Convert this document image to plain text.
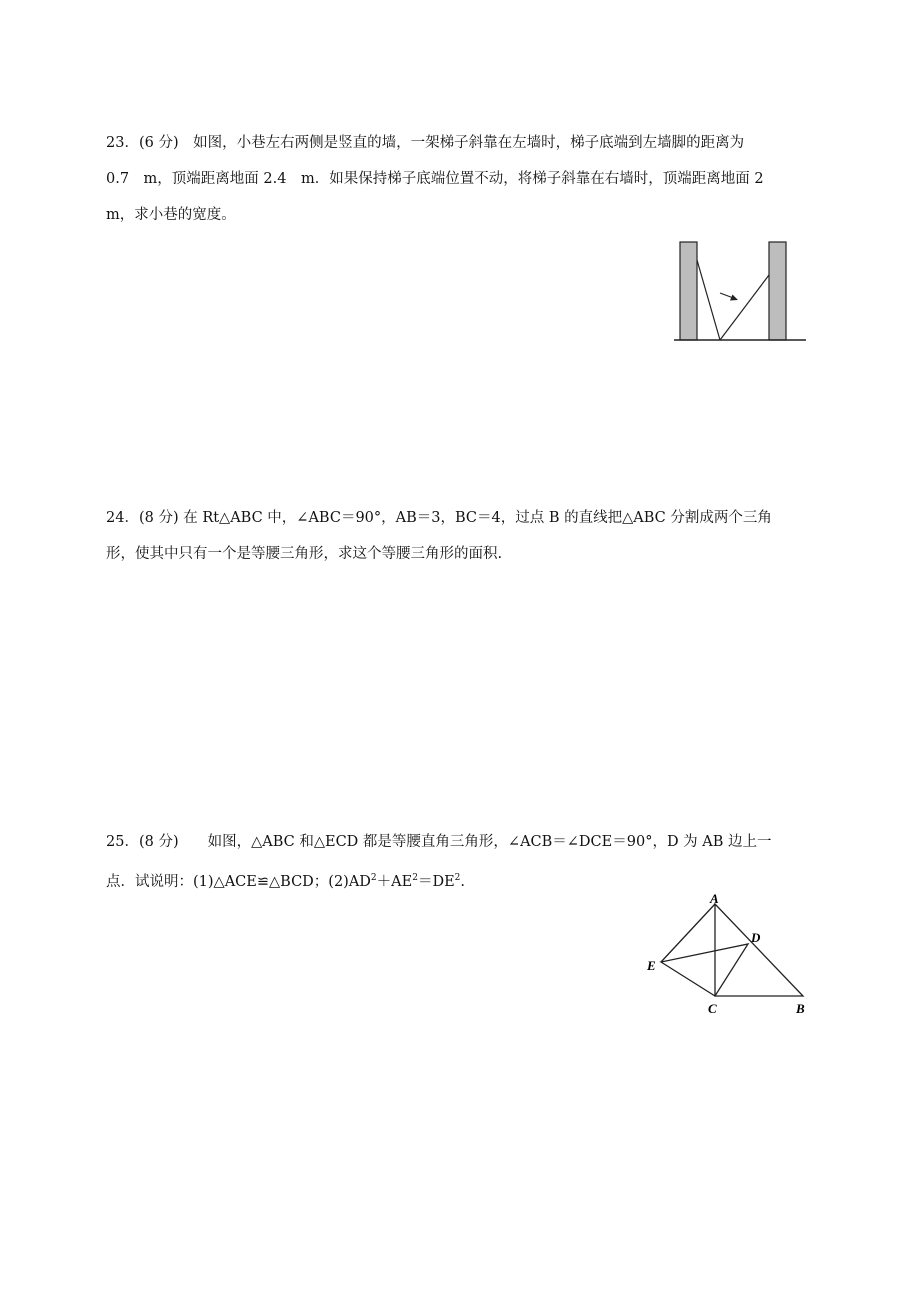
23．(6 分)　如图，小巷左右两侧是竖直的墙，一架梯子斜靠在左墙时，梯子底端到左墙脚的距离为
0.7　m，顶端距离地面 2.4　m．如果保持梯子底端位置不动，将梯子斜靠在右墙时，顶端距离地面 2
m，求小巷的宽度。
24．(8 分) 在 Rt△ABC 中，∠ABC＝90°，AB＝3，BC＝4，过点 B 的直线把△ABC 分割成两个三角
形，使其中只有一个是等腰三角形，求这个等腰三角形的面积.
25．(8 分)　　如图，△ABC 和△ECD 都是等腰直角三角形，∠ACB＝∠DCE＝90°，D 为 AB 边上一
点．试说明：(1)△ACE≌△BCD；$(2)AD^2+AE^2=DE^2$.
A
D
E
C	B
